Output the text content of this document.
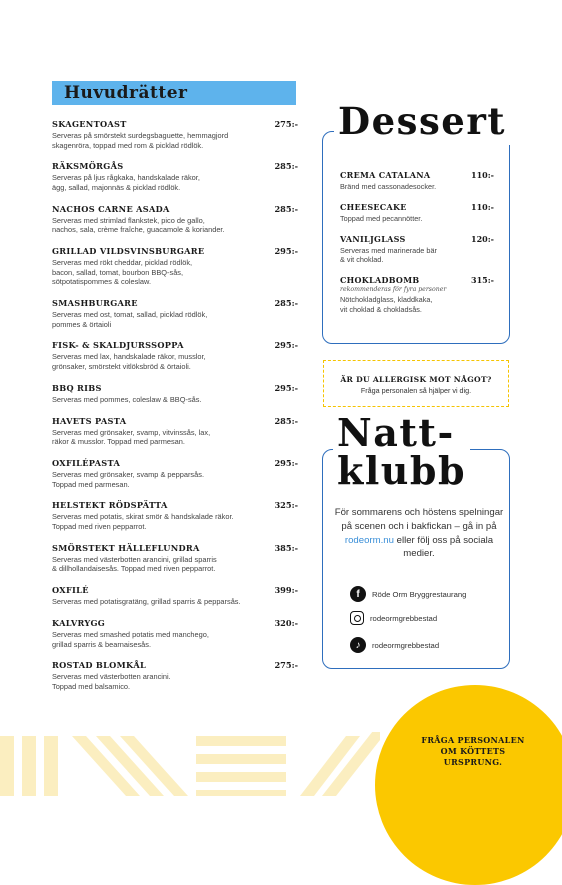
Huvudrätter
SKAGENTOAST	275:-
Serveras på smörstekt surdegsbaguette, hemmagjord
skagenröra, toppad med rom & picklad rödlök.
RÄKSMÖRGÅS	285:-
Serveras på ljus rågkaka, handskalade räkor,
ägg, sallad, majonnäs & picklad rödlök.
NACHOS CARNE ASADA	285:-
Serveras med strimlad flankstek, pico de gallo,
nachos, sala, crème fraîche, guacamole & koriander.
GRILLAD VILDSVINSBURGARE	295:-
Serveras med rökt cheddar, picklad rödlök,
bacon, sallad, tomat, bourbon BBQ-sås,
sötpotatispommes & coleslaw.
SMASHBURGARE	285:-
Serveras med ost, tomat, sallad, picklad rödlök,
pommes & örtaioli
FISK- & SKALDJURSSOPPA	295:-
Serveras med lax, handskalade räkor, musslor,
grönsaker, smörstekt vitlöksbröd & örtaioli.
BBQ RIBS	295:-
Serveras med pommes, coleslaw & BBQ-sås.
HAVETS PASTA	285:-
Serveras med grönsaker, svamp, vitvinssås, lax,
räkor & musslor. Toppad med parmesan.
OXFILÉPASTA	295:-
Serveras med grönsaker, svamp & pepparsås.
Toppad med parmesan.
HELSTEKT RÖDSPÄTTA	325:-
Serveras med potatis, skirat smör & handskalade räkor.
Toppad med riven pepparrot.
SMÖRSTEKT HÄLLEFLUNDRA	385:-
Serveras med västerbotten arancini, grillad sparris
& dillhollandaisesås. Toppad med riven pepparrot.
OXFILÉ	399:-
Serveras med potatisgratäng, grillad sparris & pepparsås.
KALVRYGG	320:-
Serveras med smashed potatis med manchego,
grillad sparris & bearnaisesås.
ROSTAD BLOMKÅL	275:-
Serveras med västerbotten arancini.
Toppad med balsamico.
Dessert
CREMA CATALANA	110:-
Bränd med cassonadesocker.
CHEESECAKE	110:-
Toppad med pecannötter.
VANILJGLASS	120:-
Serveras med marinerade bär
& vit choklad.
CHOKLADBOMB	315:-
rekommenderas för fyra personer
Nötchokladglass, kladdkaka,
vit choklad & chokladsås.
ÄR DU ALLERGISK MOT NÅGOT?
Fråga personalen så hjälper vi dig.
Natt-
klubb
För sommarens och höstens spelningar på scenen och i bakfickan – gå in på rodeorm.nu eller följ oss på sociala medier.
f	Röde Orm Bryggrestaurang
rodeormgrebbestad
♪	rodeormgrebbestad
FRÅGA PERSONALEN
OM KÖTTETS
URSPRUNG.
